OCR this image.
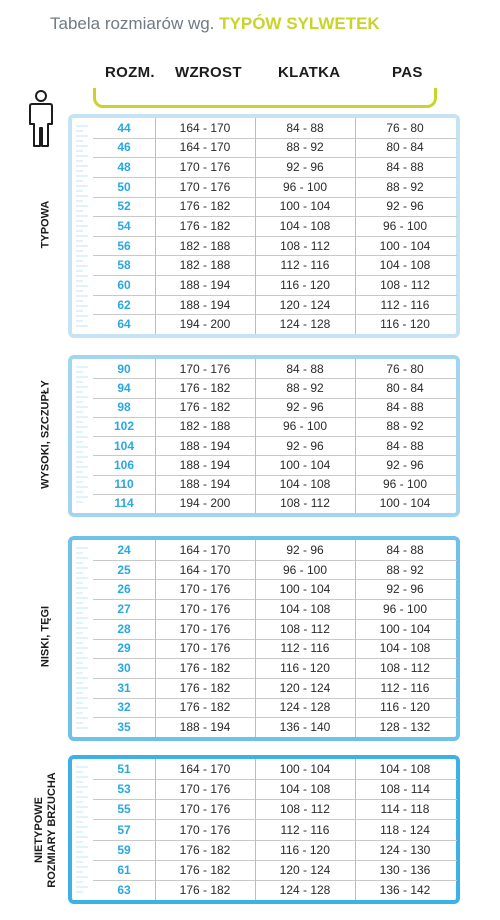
Tabela rozmiarów wg. TYPÓW SYLWETEK
ROZM. WZROST KLATKA	PAS
TYPOWA
WYSOKI, SZCZUPŁY
NISKI, TĘGI
NIETYPOWE ROZMIARY BRZUCHA
44	164 - 170	84 - 88	76 - 80
46	164 - 170	88 - 92	80 - 84
48	170 - 176	92 - 96	84 - 88
50	170 - 176	96 - 100	88 - 92
52	176 - 182	100 - 104	92 - 96
54	176 - 182	104 - 108	96 - 100
56	182 - 188	108 - 112	100 - 104
58	182 - 188	112 - 116	104 - 108
60	188 - 194	116 - 120	108 - 112
62	188 - 194	120 - 124	112 - 116
64	194 - 200	124 - 128	116 - 120
90	170 - 176	84 - 88	76 - 80
94	176 - 182	88 - 92	80 - 84
98	176 - 182	92 - 96	84 - 88
102	182 - 188	96 - 100	88 - 92
104	188 - 194	92 - 96	84 - 88
106	188 - 194	100 - 104	92 - 96
110	188 - 194	104 - 108	96 - 100
114	194 - 200	108 - 112	100 - 104
24	164 - 170	92 - 96	84 - 88
25	164 - 170	96 - 100	88 - 92
26	170 - 176	100 - 104	92 - 96
27	170 - 176	104 - 108	96 - 100
28	170 - 176	108 - 112	100 - 104
29	170 - 176	112 - 116	104 - 108
30	176 - 182	116 - 120	108 - 112
31	176 - 182	120 - 124	112 - 116
32	176 - 182	124 - 128	116 - 120
35	188 - 194	136 - 140	128 - 132
51	164 - 170	100 - 104	104 - 108
53	170 - 176	104 - 108	108 - 114
55	170 - 176	108 - 112	114 - 118
57	170 - 176	112 - 116	118 - 124
59	176 - 182	116 - 120	124 - 130
61	176 - 182	120 - 124	130 - 136
63	176 - 182	124 - 128	136 - 142
